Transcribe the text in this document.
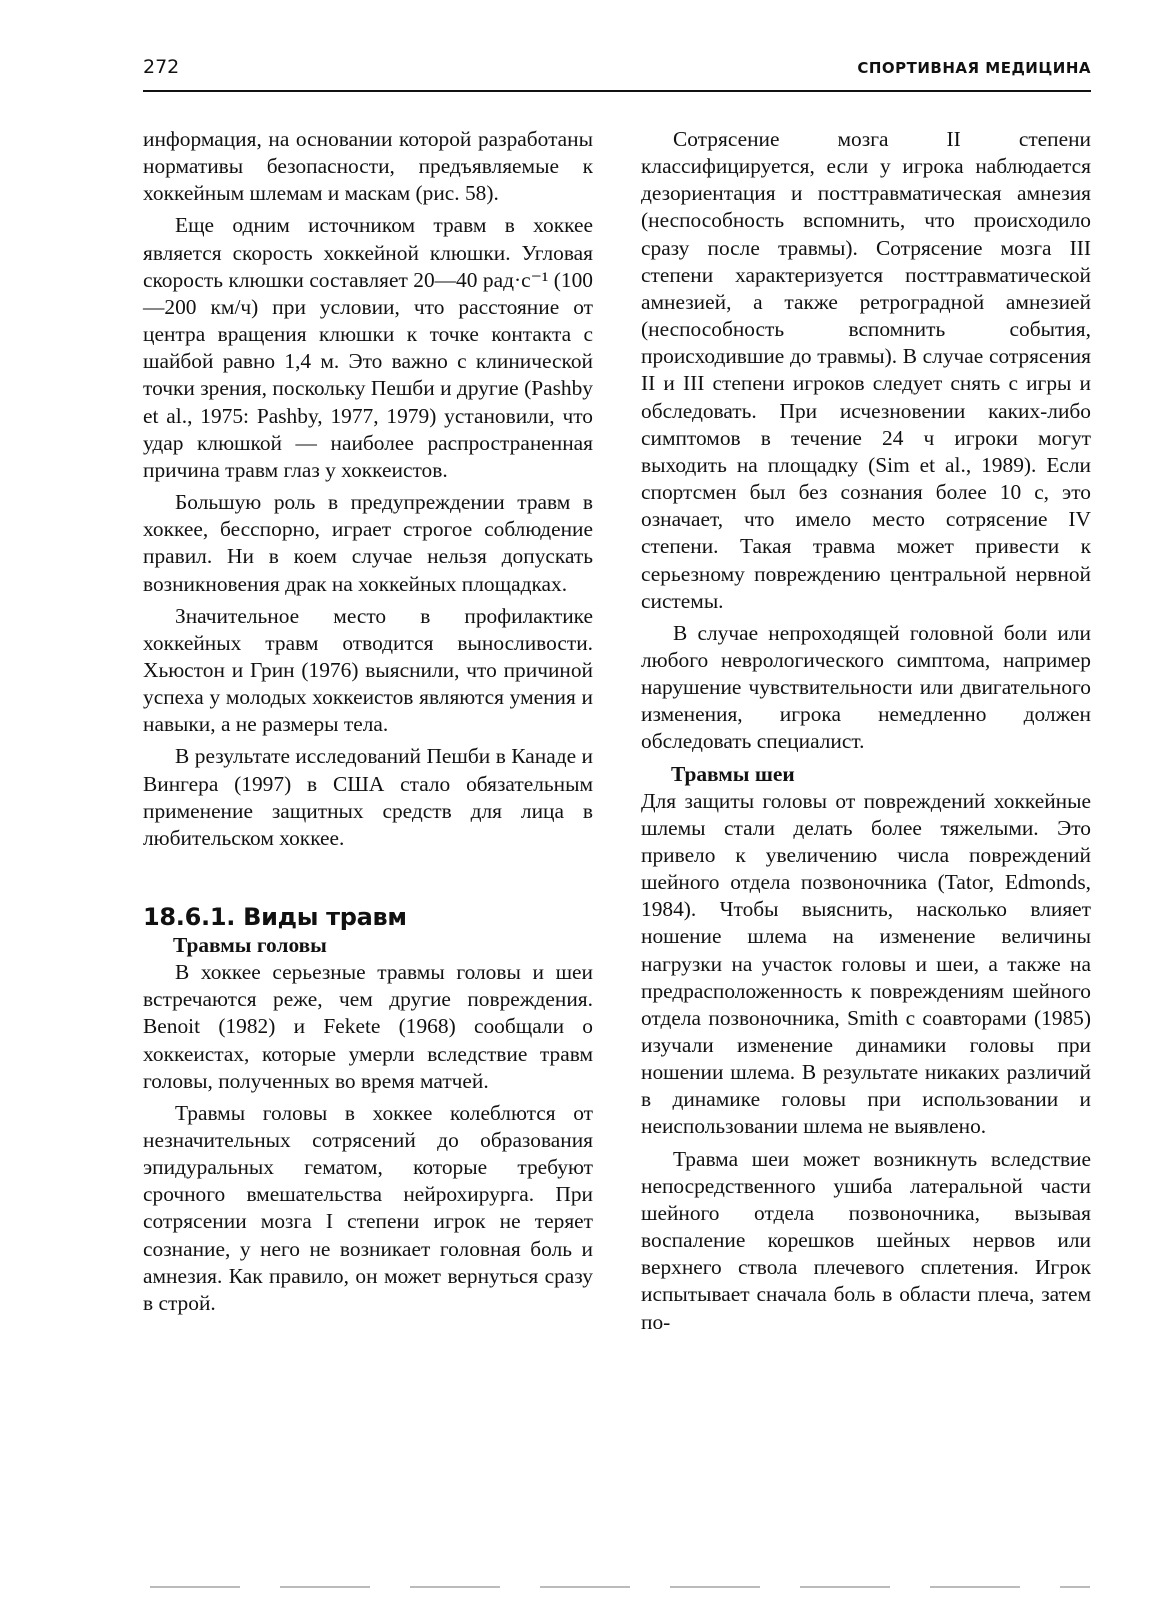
272	СПОРТИВНАЯ МЕДИЦИНА

информация, на основании которой разработаны нормативы безопасности, предъявляемые к хоккейным шлемам и маскам (рис. 58).

Еще одним источником травм в хоккее является скорость хоккейной клюшки. Угловая скорость клюшки составляет 20—40 рад·с⁻¹ (100—200 км/ч) при условии, что расстояние от центра вращения клюшки к точке контакта с шайбой равно 1,4 м. Это важно с клинической точки зрения, поскольку Пешби и другие (Pashby et al., 1975: Pashby, 1977, 1979) установили, что удар клюшкой — наиболее распространенная причина травм глаз у хоккеистов.

Большую роль в предупреждении травм в хоккее, бесспорно, играет строгое соблюдение правил. Ни в коем случае нельзя допускать возникновения драк на хоккейных площадках.

Значительное место в профилактике хоккейных травм отводится выносливости. Хьюстон и Грин (1976) выяснили, что причиной успеха у молодых хоккеистов являются умения и навыки, а не размеры тела.

В результате исследований Пешби в Канаде и Вингера (1997) в США стало обязательным применение защитных средств для лица в любительском хоккее.

18.6.1. Виды травм
Травмы головы

В хоккее серьезные травмы головы и шеи встречаются реже, чем другие повреждения. Benoit (1982) и Fekete (1968) сообщали о хоккеистах, которые умерли вследствие травм головы, полученных во время матчей.

Травмы головы в хоккее колеблются от незначительных сотрясений до образования эпидуральных гематом, которые требуют срочного вмешательства нейрохирурга. При сотрясении мозга I степени игрок не теряет сознание, у него не возникает головная боль и амнезия. Как правило, он может вернуться сразу в строй.

Сотрясение мозга II степени классифицируется, если у игрока наблюдается дезориентация и посттравматическая амнезия (неспособность вспомнить, что происходило сразу после травмы). Сотрясение мозга III степени характеризуется посттравматической амнезией, а также ретроградной амнезией (неспособность вспомнить события, происходившие до травмы). В случае сотрясения II и III степени игроков следует снять с игры и обследовать. При исчезновении каких-либо симптомов в течение 24 ч игроки могут выходить на площадку (Sim et al., 1989). Если спортсмен был без сознания более 10 с, это означает, что имело место сотрясение IV степени. Такая травма может привести к серьезному повреждению центральной нервной системы.

В случае непроходящей головной боли или любого неврологического симптома, например нарушение чувствительности или двигательного изменения, игрока немедленно должен обследовать специалист.

Травмы шеи

Для защиты головы от повреждений хоккейные шлемы стали делать более тяжелыми. Это привело к увеличению числа повреждений шейного отдела позвоночника (Tator, Edmonds, 1984). Чтобы выяснить, насколько влияет ношение шлема на изменение величины нагрузки на участок головы и шеи, а также на предрасположенность к повреждениям шейного отдела позвоночника, Smith с соавторами (1985) изучали изменение динамики головы при ношении шлема. В результате никаких различий в динамике головы при использовании и неиспользовании шлема не выявлено.

Травма шеи может возникнуть вследствие непосредственного ушиба латеральной части шейного отдела позвоночника, вызывая воспаление корешков шейных нервов или верхнего ствола плечевого сплетения. Игрок испытывает сначала боль в области плеча, затем по-
